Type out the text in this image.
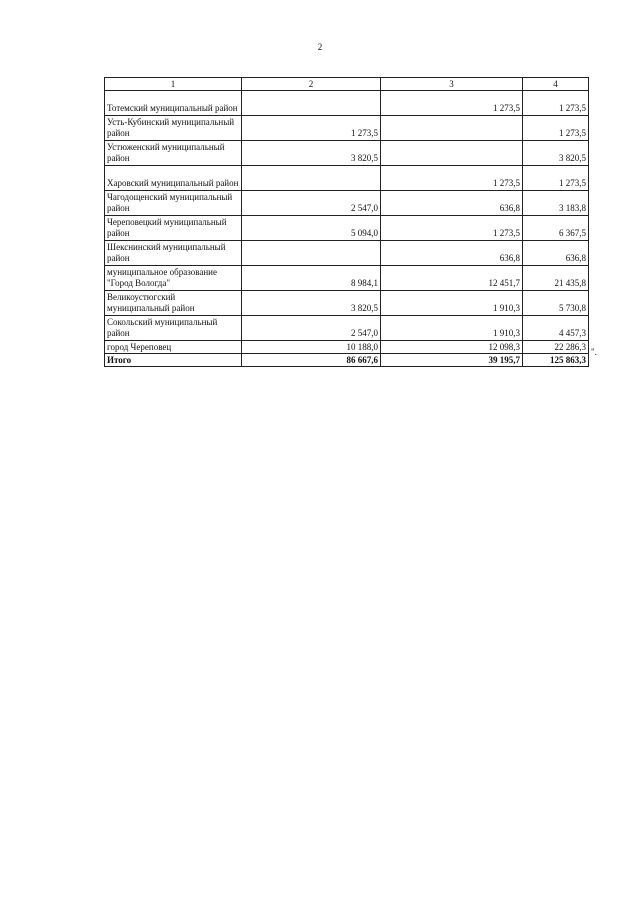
2
1	2	3	4
Тотемский муниципальный район		1 273,5	1 273,5
Усть-Кубинский муниципальный район	1 273,5		1 273,5
Устюженский муниципальный район	3 820,5		3 820,5
Харовский муниципальный район		1 273,5	1 273,5
Чагодощенский муниципальный район	2 547,0	636,8	3 183,8
Череповецкий муниципальный район	5 094,0	1 273,5	6 367,5
Шекснинский муниципальный район		636,8	636,8
муниципальное образование "Город Вологда"	8 984,1	12 451,7	21 435,8
Великоустюгский муниципальный район	3 820,5	1 910,3	5 730,8
Сокольский муниципальный район	2 547,0	1 910,3	4 457,3
город Череповец	10 188,0	12 098,3	22 286,3
Итого	86 667,6	39 195,7	125 863,3
".
